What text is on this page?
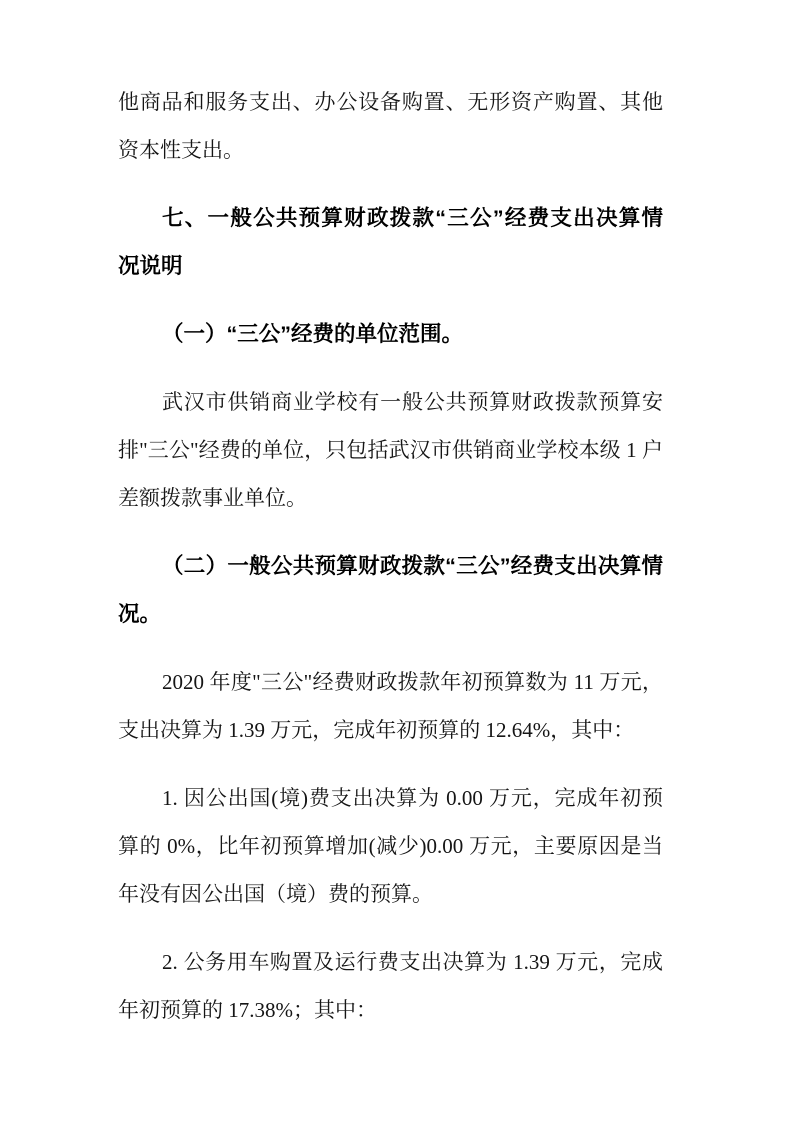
他商品和服务支出、办公设备购置、无形资产购置、其他
资本性支出。
七、一般公共预算财政拨款“三公”经费支出决算情
况说明
（一）“三公”经费的单位范围。
武汉市供销商业学校有一般公共预算财政拨款预算安
排"三公"经费的单位，只包括武汉市供销商业学校本级 1 户
差额拨款事业单位。
（二）一般公共预算财政拨款“三公”经费支出决算情
况。
2020 年度"三公"经费财政拨款年初预算数为 11 万元，
支出决算为 1.39 万元，完成年初预算的 12.64%，其中：
1. 因公出国(境)费支出决算为 0.00 万元，完成年初预
算的 0%，比年初预算增加(减少)0.00 万元，主要原因是当
年没有因公出国（境）费的预算。
2. 公务用车购置及运行费支出决算为 1.39 万元，完成
年初预算的 17.38%；其中：
